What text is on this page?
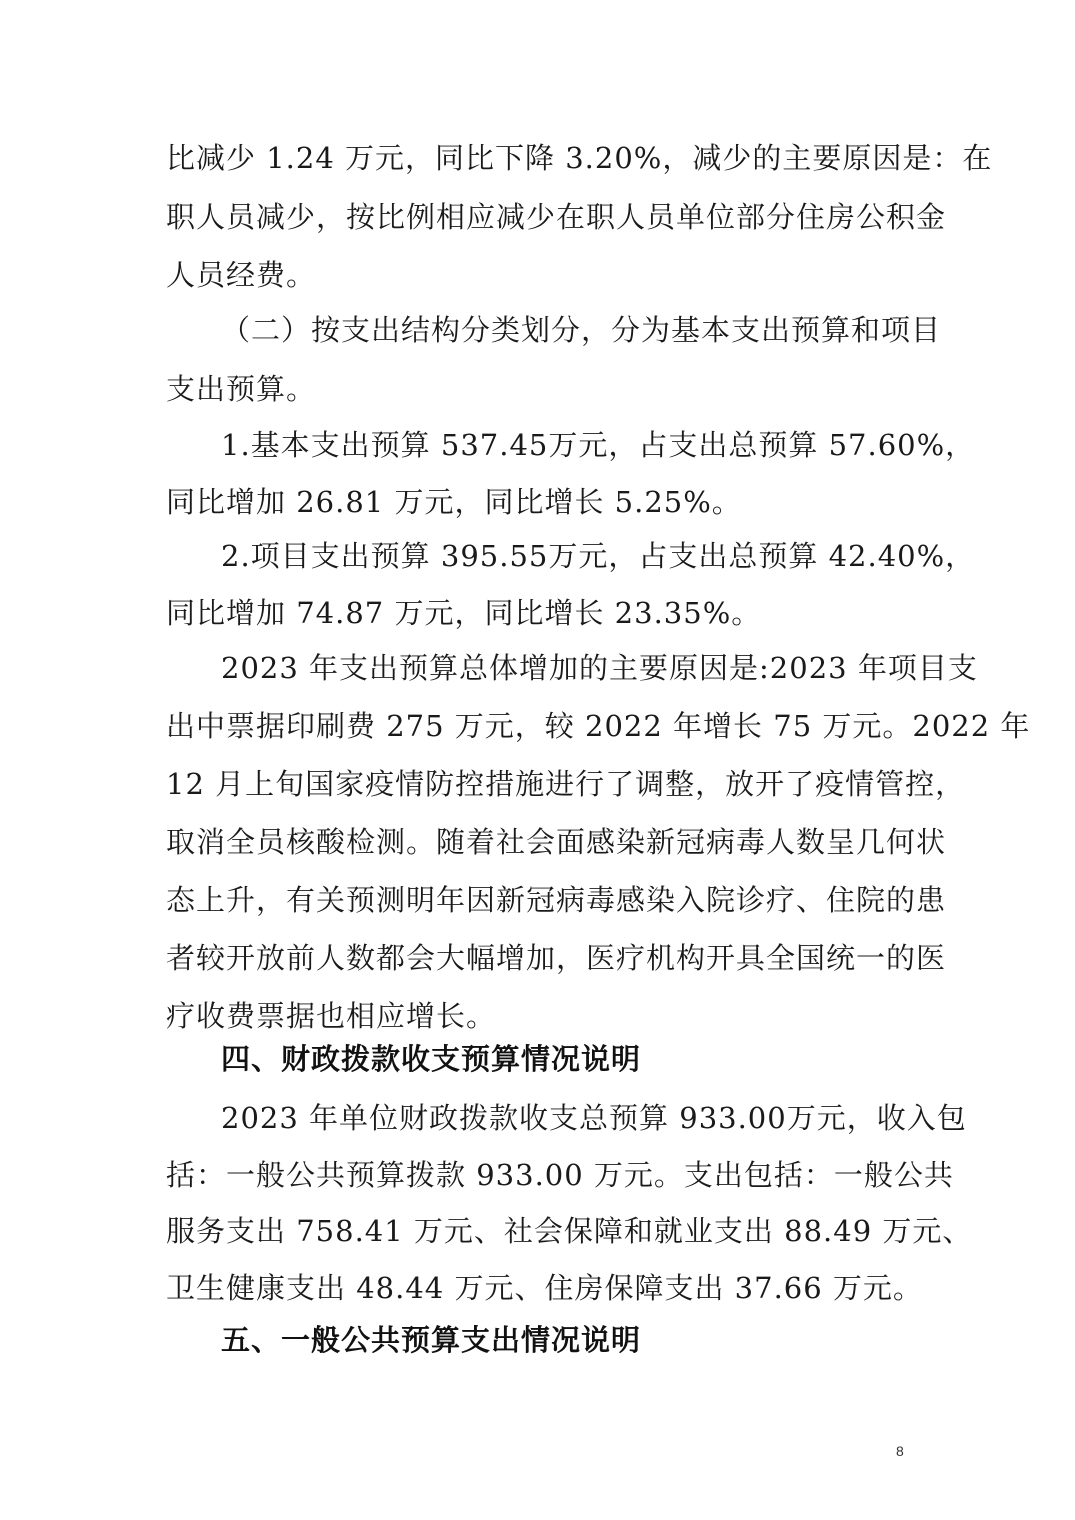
比减少 1.24 万元，同比下降 3.20%，减少的主要原因是：在
职人员减少，按比例相应减少在职人员单位部分住房公积金
人员经费。
（二）按支出结构分类划分，分为基本支出预算和项目
支出预算。
1.基本支出预算 537.45万元，占支出总预算 57.60%，
同比增加 26.81 万元，同比增长 5.25%。
2.项目支出预算 395.55万元，占支出总预算 42.40%，
同比增加 74.87 万元，同比增长 23.35%。
2023 年支出预算总体增加的主要原因是:2023 年项目支
出中票据印刷费 275 万元，较 2022 年增长 75 万元。2022 年
12 月上旬国家疫情防控措施进行了调整，放开了疫情管控，
取消全员核酸检测。随着社会面感染新冠病毒人数呈几何状
态上升，有关预测明年因新冠病毒感染入院诊疗、住院的患
者较开放前人数都会大幅增加，医疗机构开具全国统一的医
疗收费票据也相应增长。
四、财政拨款收支预算情况说明
2023 年单位财政拨款收支总预算 933.00万元，收入包
括：一般公共预算拨款 933.00 万元。支出包括：一般公共
服务支出 758.41 万元、社会保障和就业支出 88.49 万元、
卫生健康支出 48.44 万元、住房保障支出 37.66 万元。
五、一般公共预算支出情况说明
8
